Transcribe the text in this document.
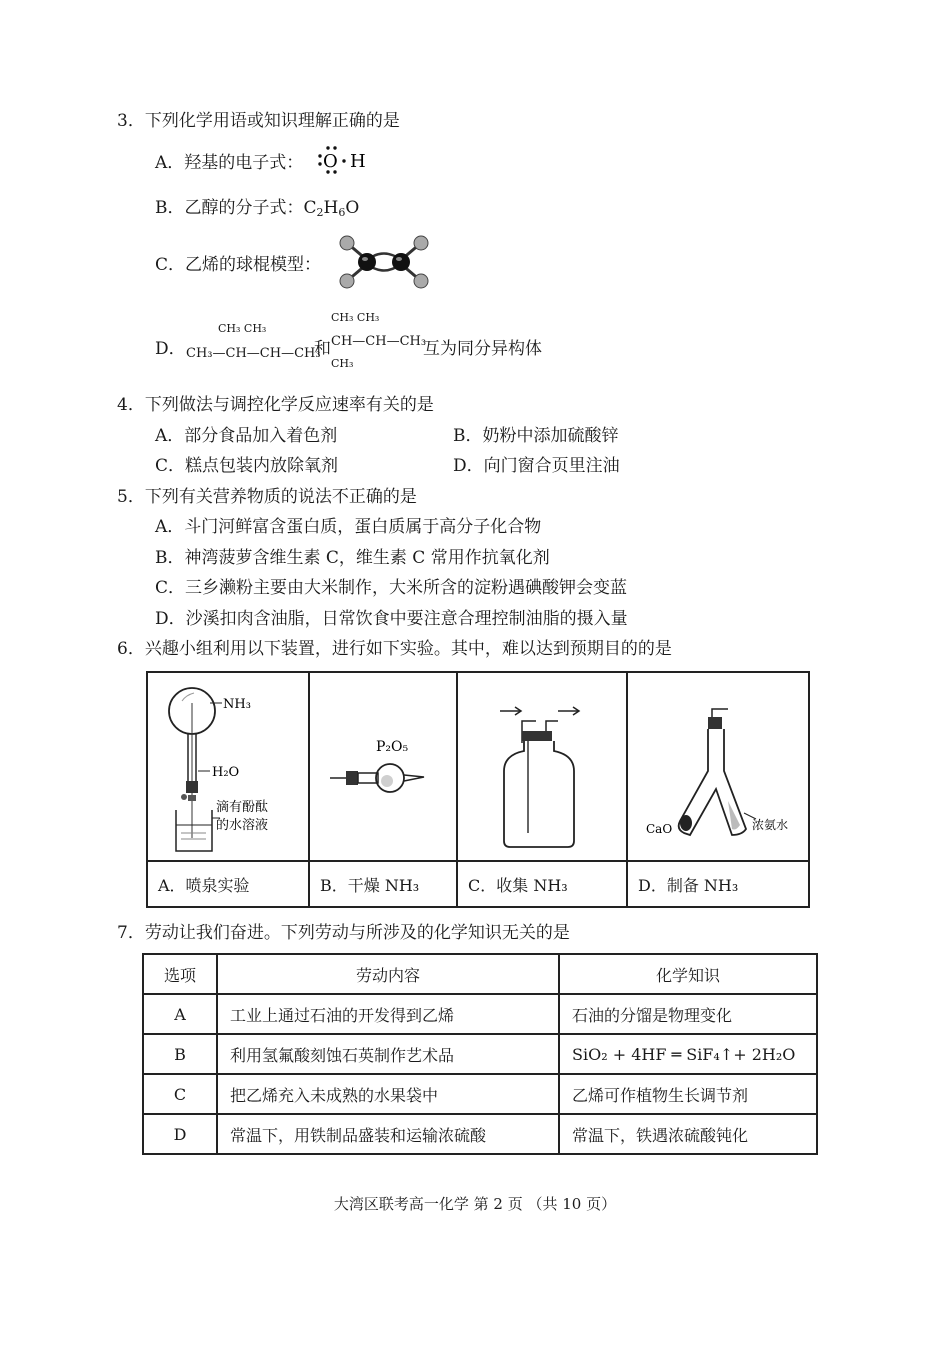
3．下列化学用语或知识理解正确的是
A．羟基的电子式： O H
B．乙醇的分子式：$C_2H_6O$
C．乙烯的球棍模型：
D．
CH₃ CH₃
CH₃—CH—CH—CH₃
和
CH₃ CH₃
CH—CH—CH₃
CH₃
互为同分异构体
4．下列做法与调控化学反应速率有关的是
A．部分食品加入着色剂	B．奶粉中添加硫酸锌
C．糕点包装内放除氧剂	D．向门窗合页里注油
5．下列有关营养物质的说法不正确的是
A．斗门河鲜富含蛋白质，蛋白质属于高分子化合物
B．神湾菠萝含维生素 C，维生素 C 常用作抗氧化剂
C．三乡濑粉主要由大米制作，大米所含的淀粉遇碘酸钾会变蓝
D．沙溪扣肉含油脂，日常饮食中要注意合理控制油脂的摄入量
6．兴趣小组利用以下装置，进行如下实验。其中，难以达到预期目的的是
NH₃
H₂O
滴有酚酞
的水溶液	P₂O₅		CaO 浓氨水

A．喷泉实验	B．干燥 NH₃	C．收集 NH₃	D．制备 NH₃
7．劳动让我们奋进。下列劳动与所涉及的化学知识无关的是
选项	劳动内容	化学知识
A	工业上通过石油的开发得到乙烯	石油的分馏是物理变化
B	利用氢氟酸刻蚀石英制作艺术品	SiO₂ + 4HF ═ SiF₄↑+ 2H₂O
C	把乙烯充入未成熟的水果袋中	乙烯可作植物生长调节剂
D	常温下，用铁制品盛装和运输浓硫酸	常温下，铁遇浓硫酸钝化
大湾区联考高一化学 第 2 页 （共 10 页）
